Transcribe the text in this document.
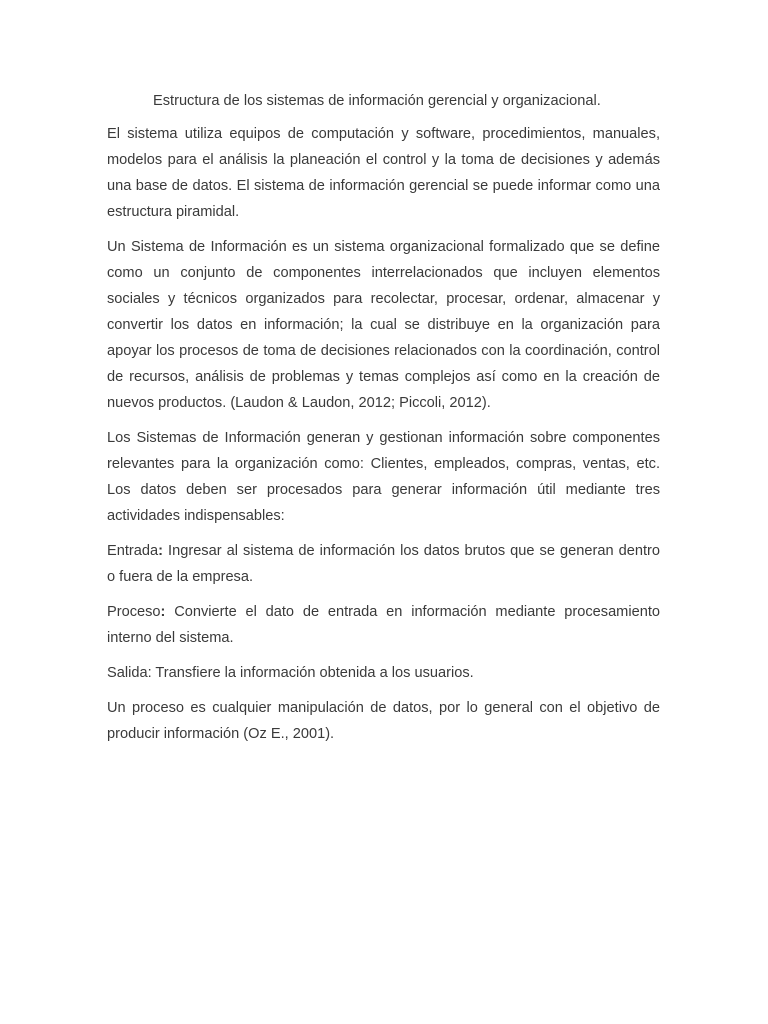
Estructura de los sistemas de información gerencial y organizacional.

El sistema utiliza equipos de computación y software, procedimientos, manuales, modelos para el análisis la planeación el control y la toma de decisiones y además una base de datos. El sistema de información gerencial se puede informar como una estructura piramidal.

Un Sistema de Información es un sistema organizacional formalizado que se define como un conjunto de componentes interrelacionados que incluyen elementos sociales y técnicos organizados para recolectar, procesar, ordenar, almacenar y convertir los datos en información; la cual se distribuye en la organización para apoyar los procesos de toma de decisiones relacionados con la coordinación, control de recursos, análisis de problemas y temas complejos así como en la creación de nuevos productos. (Laudon & Laudon, 2012; Piccoli, 2012).

Los Sistemas de Información generan y gestionan información sobre componentes relevantes para la organización como: Clientes, empleados, compras, ventas, etc. Los datos deben ser procesados para generar información útil mediante tres actividades indispensables:

Entrada: Ingresar al sistema de información los datos brutos que se generan dentro o fuera de la empresa.

Proceso: Convierte el dato de entrada en información mediante procesamiento interno del sistema.

Salida: Transfiere la información obtenida a los usuarios.

Un proceso es cualquier manipulación de datos, por lo general con el objetivo de producir información (Oz E., 2001).
